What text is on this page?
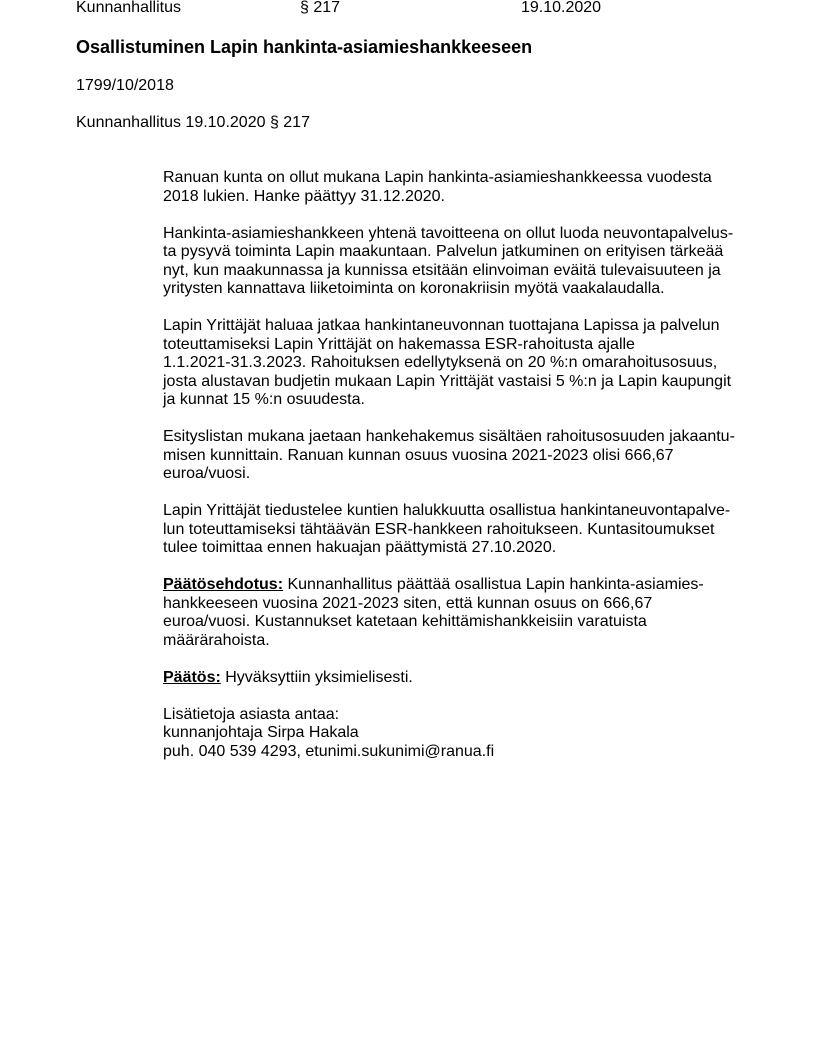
Kunnanhallitus	§ 217	19.10.2020
Osallistuminen Lapin hankinta-asiamieshankkeeseen
1799/10/2018
Kunnanhallitus 19.10.2020 § 217

Ranuan kunta on ollut mukana Lapin hankinta-asiamieshankkeessa vuodesta
2018 lukien. Hanke päättyy 31.12.2020.

Hankinta-asiamieshankkeen yhtenä tavoitteena on ollut luoda neuvontapalvelus-
ta pysyvä toiminta Lapin maakuntaan. Palvelun jatkuminen on erityisen tärkeää
nyt, kun maakunnassa ja kunnissa etsitään elinvoiman eväitä tulevaisuuteen ja
yritysten kannattava liiketoiminta on koronakriisin myötä vaakalaudalla.

Lapin Yrittäjät haluaa jatkaa hankintaneuvonnan tuottajana Lapissa ja palvelun
toteuttamiseksi Lapin Yrittäjät on hakemassa ESR-rahoitusta ajalle
1.1.2021-31.3.2023. Rahoituksen edellytyksenä on 20 %:n omarahoitusosuus,
josta alustavan budjetin mukaan Lapin Yrittäjät vastaisi 5 %:n ja Lapin kaupungit
ja kunnat 15 %:n osuudesta.

Esityslistan mukana jaetaan hankehakemus sisältäen rahoitusosuuden jakaantu-
misen kunnittain. Ranuan kunnan osuus vuosina 2021-2023 olisi 666,67
euroa/vuosi.

Lapin Yrittäjät tiedustelee kuntien halukkuutta osallistua hankintaneuvontapalve-
lun toteuttamiseksi tähtäävän ESR-hankkeen rahoitukseen. Kuntasitoumukset
tulee toimittaa ennen hakuajan päättymistä 27.10.2020.

Päätösehdotus: Kunnanhallitus päättää osallistua Lapin hankinta-asiamies-
hankkeeseen vuosina 2021-2023 siten, että kunnan osuus on 666,67
euroa/vuosi. Kustannukset katetaan kehittämishankkeisiin varatuista
määrärahoista.

Päätös: Hyväksyttiin yksimielisesti.

Lisätietoja asiasta antaa:
kunnanjohtaja Sirpa Hakala
puh. 040 539 4293, etunimi.sukunimi@ranua.fi
